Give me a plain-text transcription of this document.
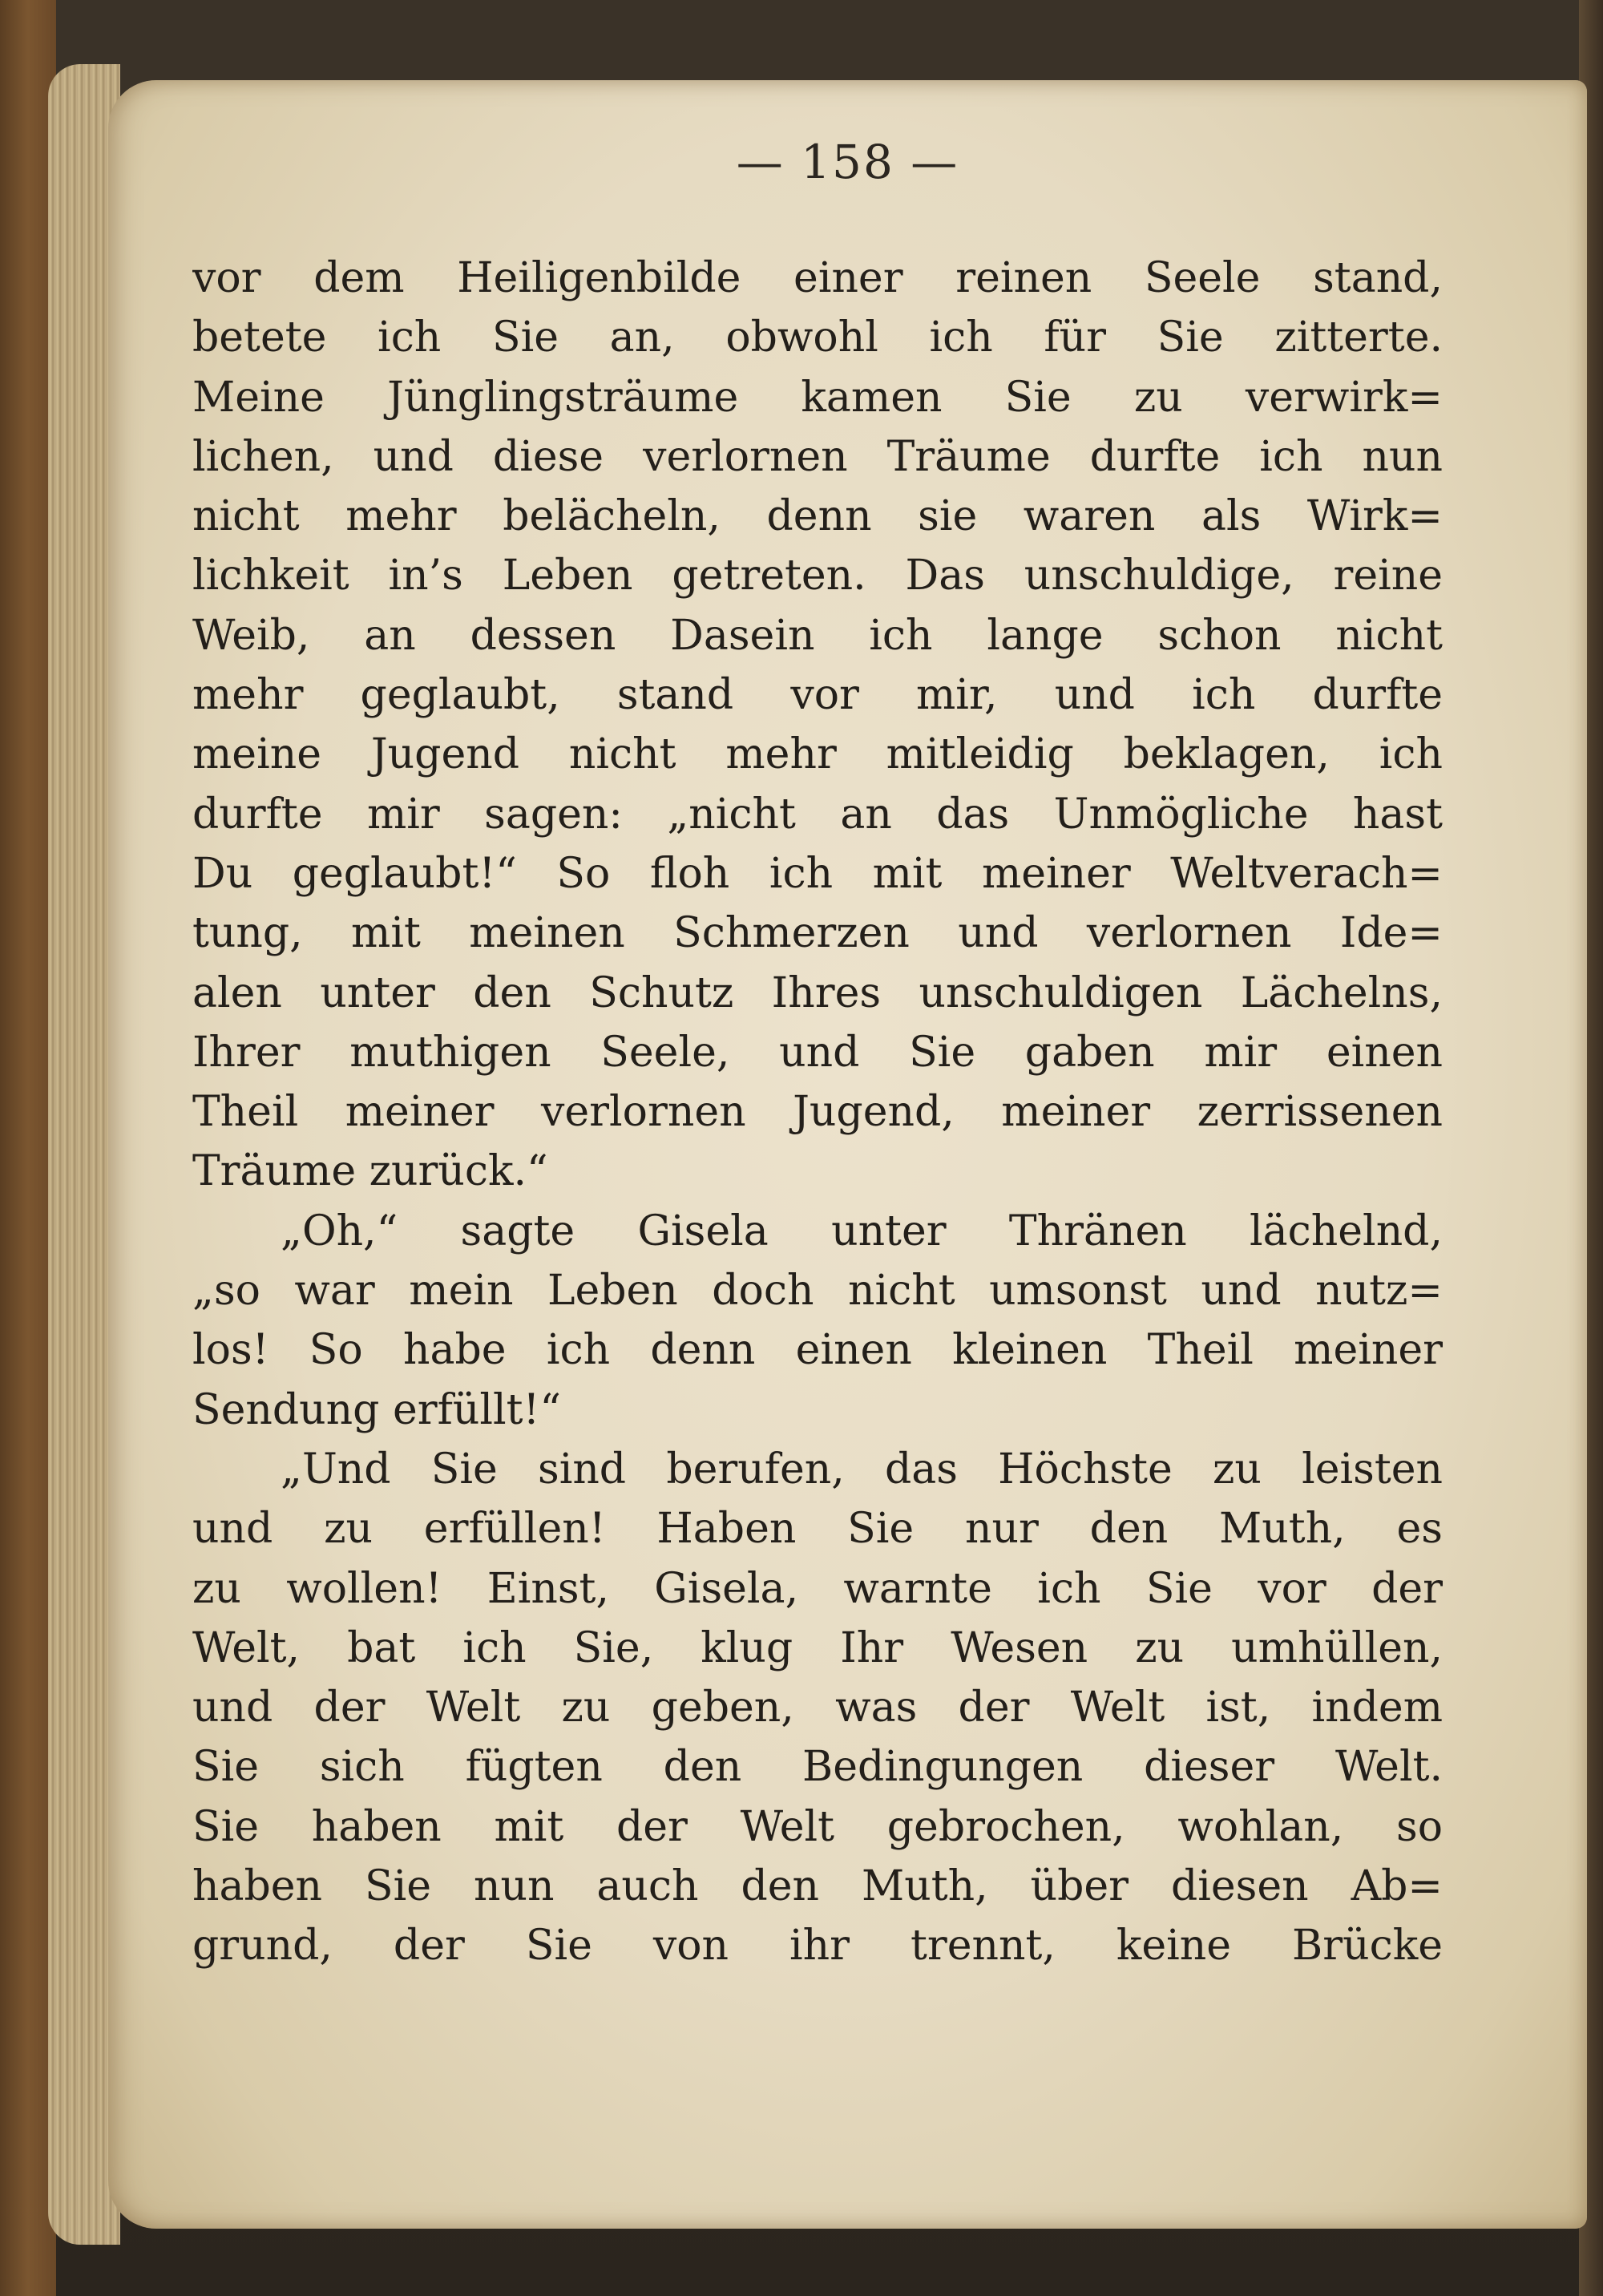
— 158 —
vor dem Heiligenbilde einer reinen Seele stand,
betete ich Sie an, obwohl ich für Sie zitterte.
Meine Jünglingsträume kamen Sie zu verwirk=
lichen, und diese verlornen Träume durfte ich nun
nicht mehr belächeln, denn sie waren als Wirk=
lichkeit in’s Leben getreten. Das unschuldige, reine
Weib, an dessen Dasein ich lange schon nicht
mehr geglaubt, stand vor mir, und ich durfte
meine Jugend nicht mehr mitleidig beklagen, ich
durfte mir sagen: „nicht an das Unmögliche hast
Du geglaubt!“ So floh ich mit meiner Weltverach=
tung, mit meinen Schmerzen und verlornen Ide=
alen unter den Schutz Ihres unschuldigen Lächelns,
Ihrer muthigen Seele, und Sie gaben mir einen
Theil meiner verlornen Jugend, meiner zerrissenen
Träume zurück.“
„Oh,“ sagte Gisela unter Thränen lächelnd,
„so war mein Leben doch nicht umsonst und nutz=
los! So habe ich denn einen kleinen Theil meiner
Sendung erfüllt!“
„Und Sie sind berufen, das Höchste zu leisten
und zu erfüllen! Haben Sie nur den Muth, es
zu wollen! Einst, Gisela, warnte ich Sie vor der
Welt, bat ich Sie, klug Ihr Wesen zu umhüllen,
und der Welt zu geben, was der Welt ist, indem
Sie sich fügten den Bedingungen dieser Welt.
Sie haben mit der Welt gebrochen, wohlan, so
haben Sie nun auch den Muth, über diesen Ab=
grund, der Sie von ihr trennt, keine Brücke
